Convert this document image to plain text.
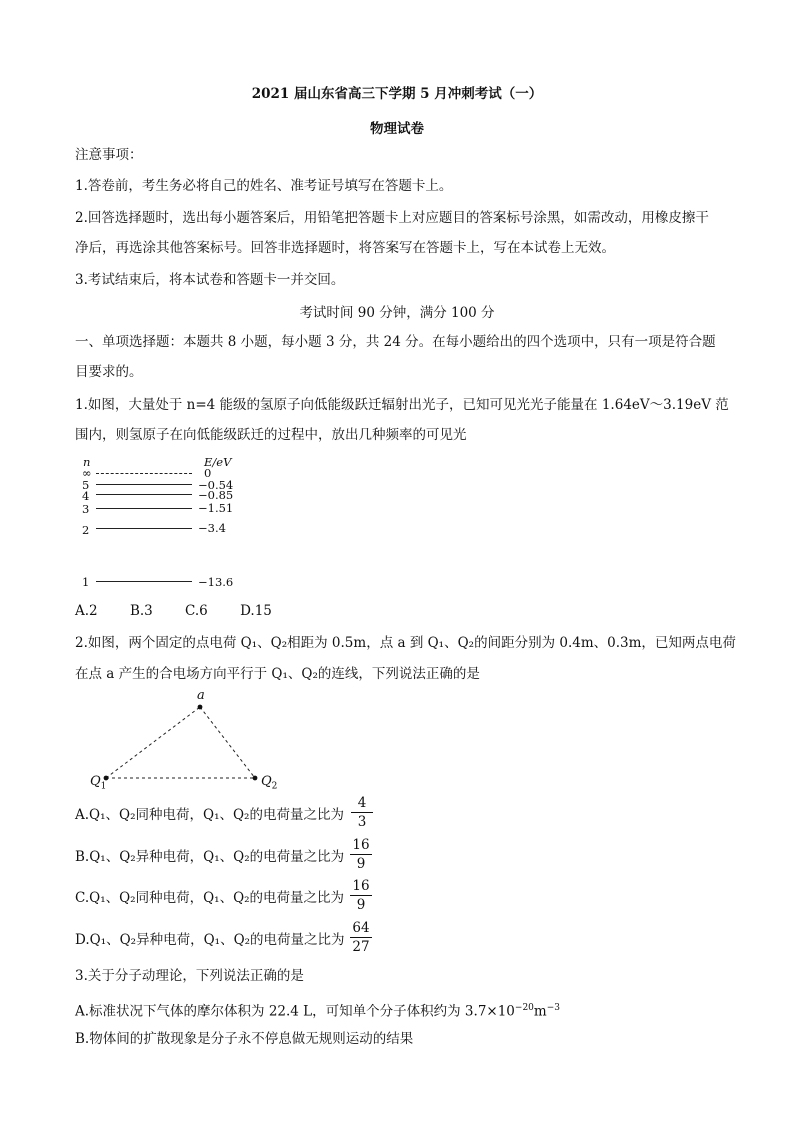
2021 届山东省高三下学期 5 月冲刺考试（一）
物理试卷
注意事项：
1.答卷前，考生务必将自己的姓名、准考证号填写在答题卡上。
2.回答选择题时，选出每小题答案后，用铅笔把答题卡上对应题目的答案标号涂黑，如需改动，用橡皮擦干
净后，再选涂其他答案标号。回答非选择题时，将答案写在答题卡上，写在本试卷上无效。
3.考试结束后，将本试卷和答题卡一并交回。
考试时间 90 分钟，满分 100 分
一、单项选择题：本题共 8 小题，每小题 3 分，共 24 分。在每小题给出的四个选项中，只有一项是符合题
目要求的。
1.如图，大量处于 n=4 能级的氢原子向低能级跃迁辐射出光子，已知可见光光子能量在 1.64eV～3.19eV 范
围内，则氢原子在向低能级跃迁的过程中，放出几种频率的可见光
n	E/eV
∞	0
5	−0.54
4	−0.85
3	−1.51
2	−3.4
1	−13.6
A.2 B.3 C.6 D.15
2.如图，两个固定的点电荷 Q₁、Q₂相距为 0.5m，点 a 到 Q₁、Q₂的间距分别为 0.4m、0.3m，已知两点电荷
在点 a 产生的合电场方向平行于 Q₁、Q₂的连线，下列说法正确的是
a
$Q_1$	$Q_2$
A.Q₁、Q₂同种电荷，Q₁、Q₂的电荷量之比为
4
3
B.Q₁、Q₂异种电荷，Q₁、Q₂的电荷量之比为
16
9
C.Q₁、Q₂同种电荷，Q₁、Q₂的电荷量之比为
16
9
D.Q₁、Q₂异种电荷，Q₁、Q₂的电荷量之比为
64
27
3.关于分子动理论，下列说法正确的是
A.标准状况下气体的摩尔体积为 22.4 L，可知单个分子体积约为 $3.7\times 10^{-20}m^{-3}$
B.物体间的扩散现象是分子永不停息做无规则运动的结果
